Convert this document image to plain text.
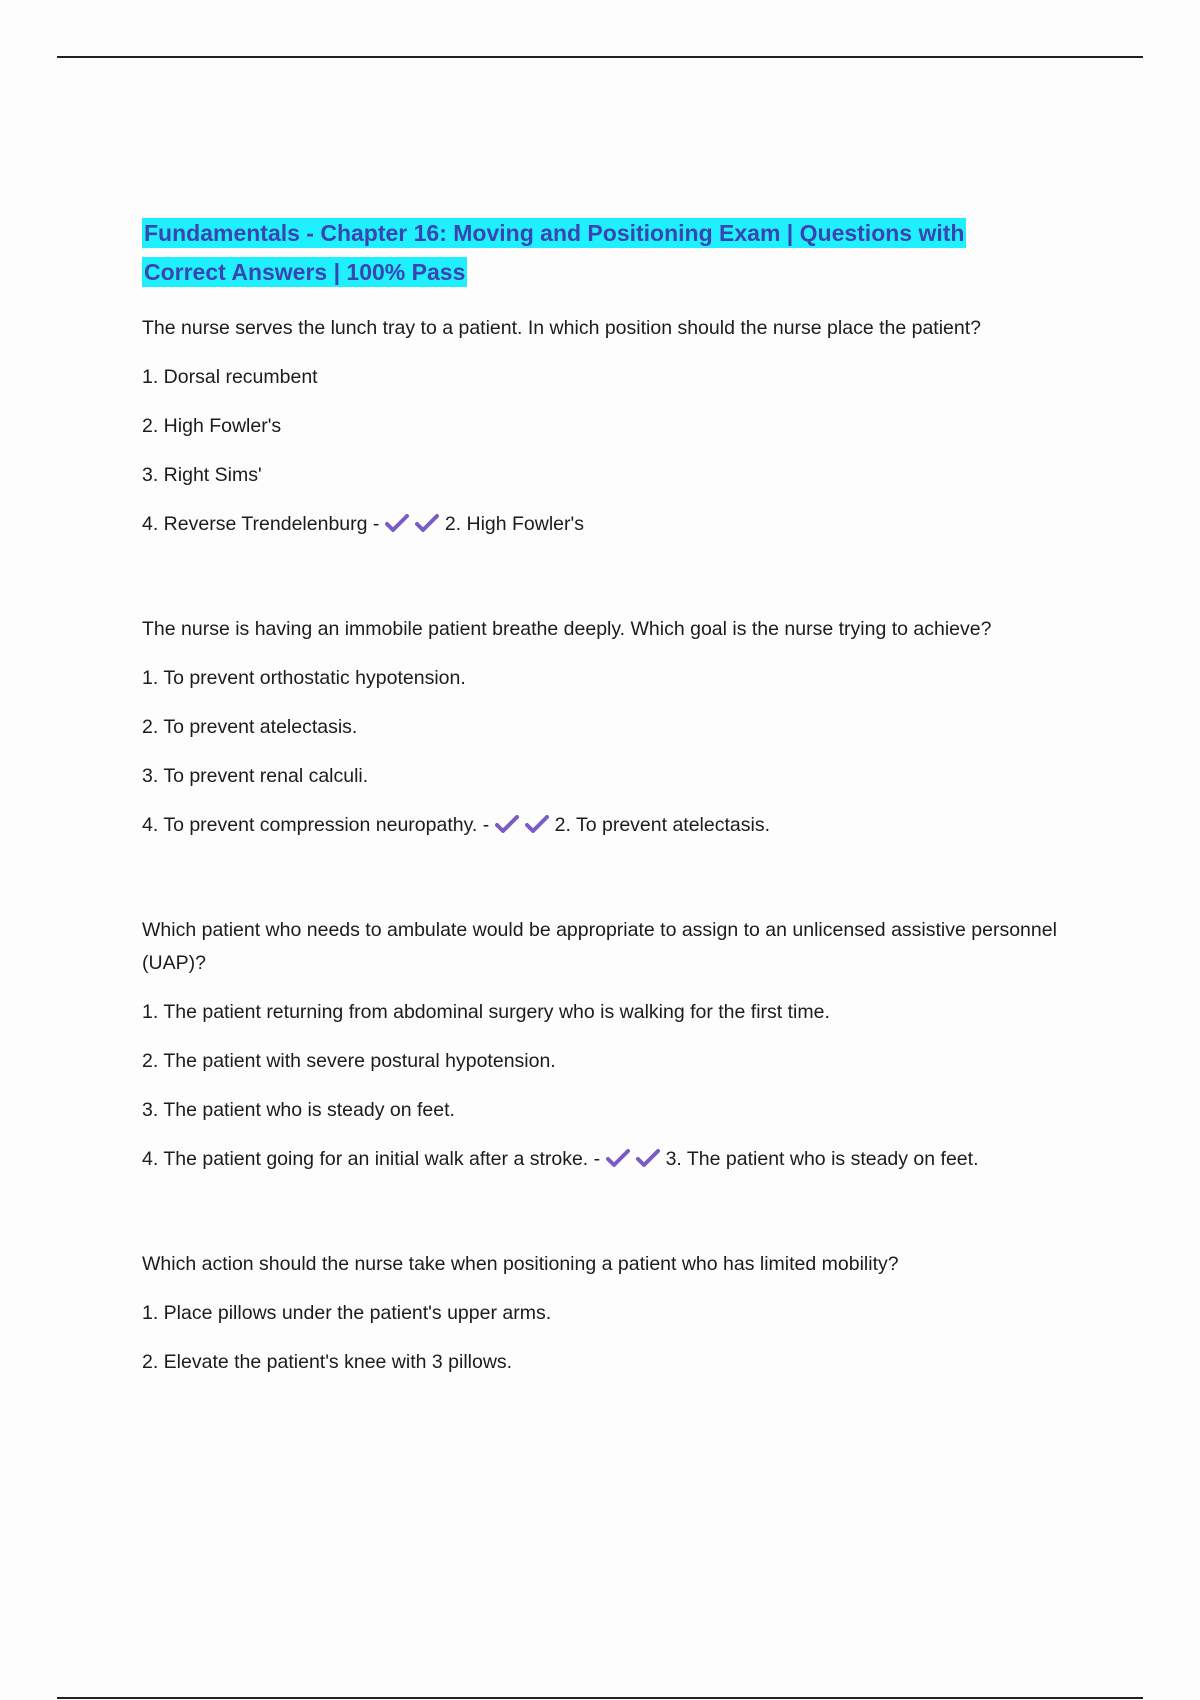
Fundamentals - Chapter 16: Moving and Positioning Exam | Questions with
Correct Answers | 100% Pass
The nurse serves the lunch tray to a patient. In which position should the nurse place the patient?
1. Dorsal recumbent
2. High Fowler's
3. Right Sims'
4. Reverse Trendelenburg -	2. High Fowler's
The nurse is having an immobile patient breathe deeply. Which goal is the nurse trying to achieve?
1. To prevent orthostatic hypotension.
2. To prevent atelectasis.
3. To prevent renal calculi.
4. To prevent compression neuropathy. -	2. To prevent atelectasis.
Which patient who needs to ambulate would be appropriate to assign to an unlicensed assistive personnel (UAP)?
1. The patient returning from abdominal surgery who is walking for the first time.
2. The patient with severe postural hypotension.
3. The patient who is steady on feet.
4. The patient going for an initial walk after a stroke. -	3. The patient who is steady on feet.
Which action should the nurse take when positioning a patient who has limited mobility?
1. Place pillows under the patient's upper arms.
2. Elevate the patient's knee with 3 pillows.
